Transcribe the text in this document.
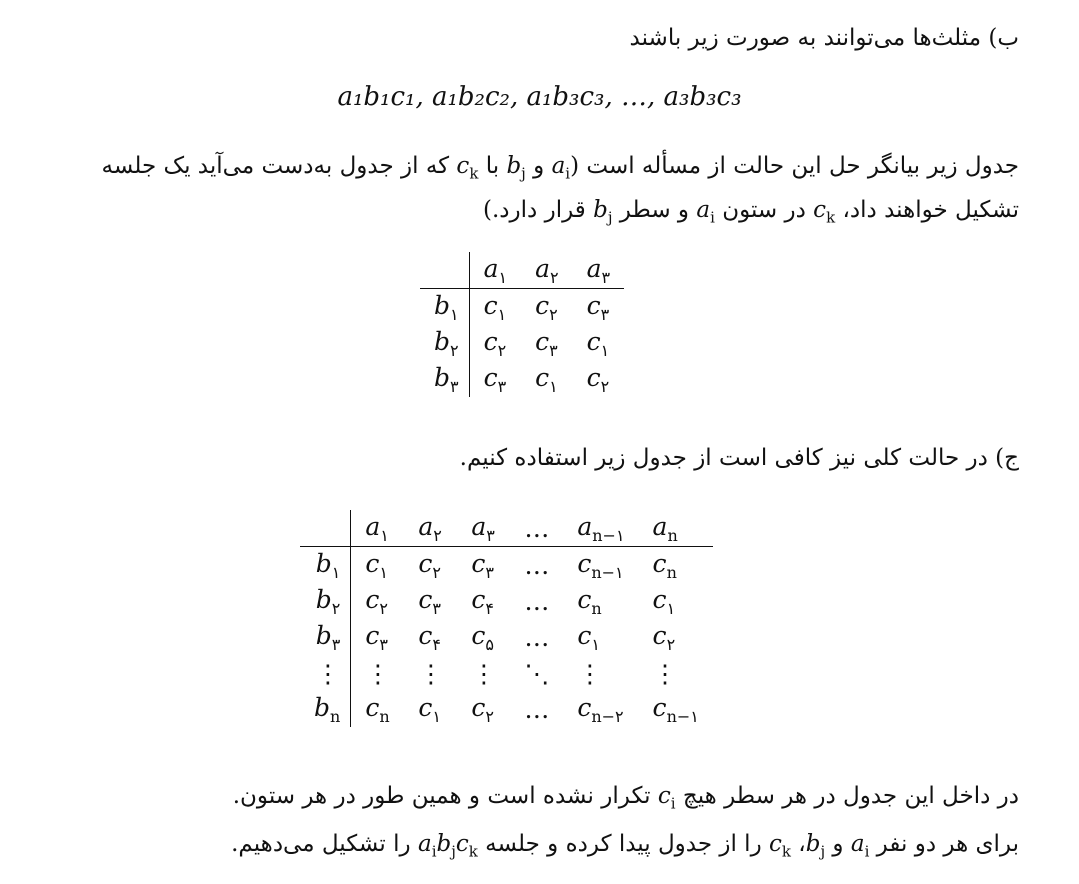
ب) مثلث‌ها می‌توانند به صورت زیر باشند
a₁b₁c₁, a₁b₂c₂, a₁b₃c₃, …, a₃b₃c₃
جدول زیر بیانگر حل این حالت از مسأله است ($a_i$ و $b_j$ با $c_k$ که از جدول به‌دست می‌آید یک جلسه
تشکیل خواهند داد، $c_k$ در ستون $a_i$ و سطر $b_j$ قرار دارد.)
	$a_۱$	$a_۲$	$a_۳$
$b_۱$	$c_۱$	$c_۲$	$c_۳$
$b_۲$	$c_۲$	$c_۳$	$c_۱$
$b_۳$	$c_۳$	$c_۱$	$c_۲$
ج) در حالت کلی نیز کافی است از جدول زیر استفاده کنیم.
	$a_۱$	$a_۲$	$a_۳$	…	$a_{n-۱}$	$a_n$
$b_۱$	$c_۱$	$c_۲$	$c_۳$	…	$c_{n-۱}$	$c_n$
$b_۲$	$c_۲$	$c_۳$	$c_۴$	…	$c_n$	$c_۱$
$b_۳$	$c_۳$	$c_۴$	$c_۵$	…	$c_۱$	$c_۲$
⋮	⋮	⋮	⋮	⋱	⋮	⋮
$b_n$	$c_n$	$c_۱$	$c_۲$	…	$c_{n-۲}$	$c_{n-۱}$
در داخل این جدول در هر سطر هیچ $c_i$ تکرار نشده است و همین طور در هر ستون.
برای هر دو نفر $a_i$ و $b_j،$ $c_k$ را از جدول پیدا کرده و جلسه $a_ib_jc_k$ را تشکیل می‌دهیم.
